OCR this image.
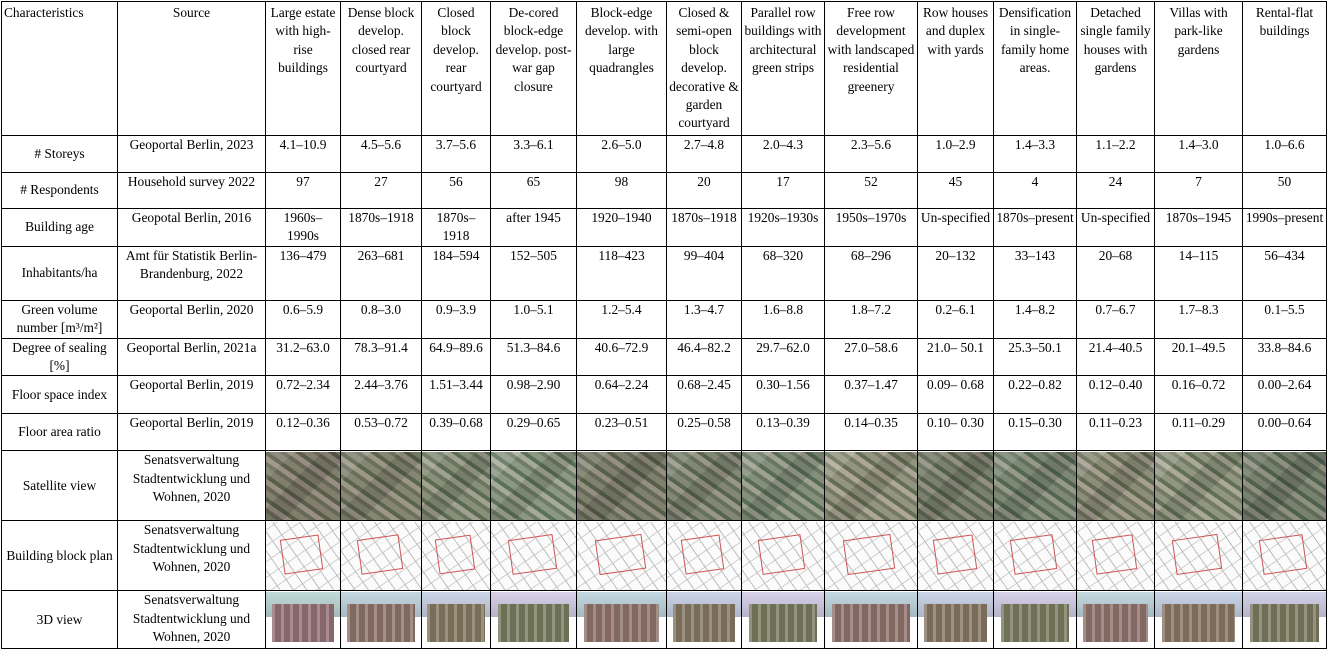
Characteristics	Source	Large estate with high-rise buildings	Dense block develop. closed rear courtyard	Closed block develop. rear courtyard	De-cored block-edge develop. post-war gap closure	Block-edge develop. with large quadrangles	Closed & semi-open block develop. decorative & garden courtyard	Parallel row buildings with architectural green strips	Free row development with landscaped residential greenery	Row houses and duplex with yards	Densification in single-family home areas.	Detached single family houses with gardens	Villas with park-like gardens	Rental-flat buildings
# Storeys	Geoportal Berlin, 2023	4.1–10.9	4.5–5.6	3.7–5.6	3.3–6.1	2.6–5.0	2.7–4.8	2.0–4.3	2.3–5.6	1.0–2.9	1.4–3.3	1.1–2.2	1.4–3.0	1.0–6.6
# Respondents	Household survey 2022	97	27	56	65	98	20	17	52	45	4	24	7	50
Building age	Geopotal Berlin, 2016	1960s–1990s	1870s–1918	1870s–1918	after 1945	1920–1940	1870s–1918	1920s–1930s	1950s–1970s	Un-specified	1870s–present	Un-specified	1870s–1945	1990s–present
Inhabitants/ha	Amt für Statistik Berlin-Brandenburg, 2022	136–479	263–681	184–594	152–505	118–423	99–404	68–320	68–296	20–132	33–143	20–68	14–115	56–434
Green volume number [m³/m²]	Geoportal Berlin, 2020	0.6–5.9	0.8–3.0	0.9–3.9	1.0–5.1	1.2–5.4	1.3–4.7	1.6–8.8	1.8–7.2	0.2–6.1	1.4–8.2	0.7–6.7	1.7–8.3	0.1–5.5
Degree of sealing [%]	Geoportal Berlin, 2021a	31.2–63.0	78.3–91.4	64.9–89.6	51.3–84.6	40.6–72.9	46.4–82.2	29.7–62.0	27.0–58.6	21.0– 50.1	25.3–50.1	21.4–40.5	20.1–49.5	33.8–84.6
Floor space index	Geoportal Berlin, 2019	0.72–2.34	2.44–3.76	1.51–3.44	0.98–2.90	0.64–2.24	0.68–2.45	0.30–1.56	0.37–1.47	0.09– 0.68	0.22–0.82	0.12–0.40	0.16–0.72	0.00–2.64
Floor area ratio	Geoportal Berlin, 2019	0.12–0.36	0.53–0.72	0.39–0.68	0.29–0.65	0.23–0.51	0.25–0.58	0.13–0.39	0.14–0.35	0.10– 0.30	0.15–0.30	0.11–0.23	0.11–0.29	0.00–0.64
Satellite view	Senatsverwaltung Stadtentwicklung und Wohnen, 2020	

Building block plan	Senatsverwaltung Stadtentwicklung und Wohnen, 2020	

3D view	Senatsverwaltung Stadtentwicklung und Wohnen, 2020	
